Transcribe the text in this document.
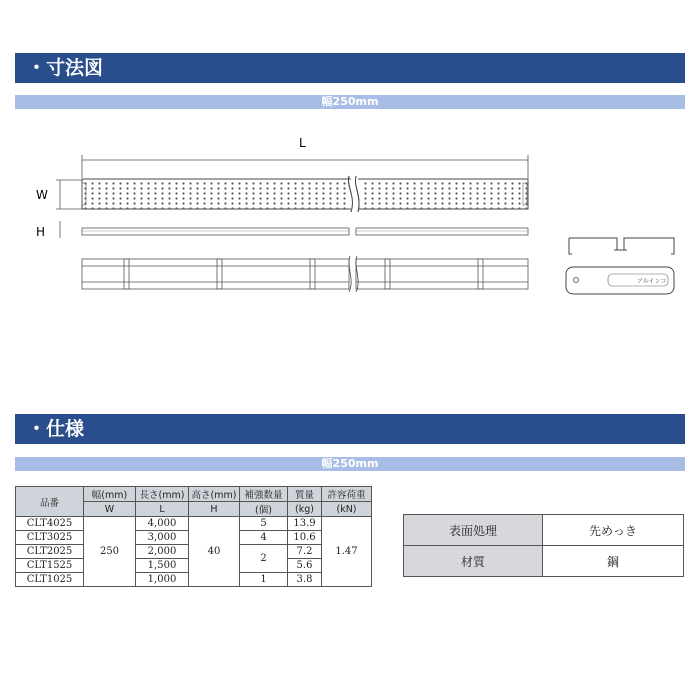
・寸法図
幅250mm
L
W
H
アルインコ
・仕様
幅250mm
品番	幅(mm)	長さ(mm)	高さ(mm)	補強数量	質量	許容荷重
	W	L	H	(個)	(kg)	(kN)
CLT4025	250	4,000	40	5	13.9	1.47
CLT3025		3,000		4	10.6	
CLT2025		2,000		2	7.2	
CLT1525		1,500			5.6	
CLT1025		1,000		1	3.8	
表面処理	先めっき
材質	鋼
